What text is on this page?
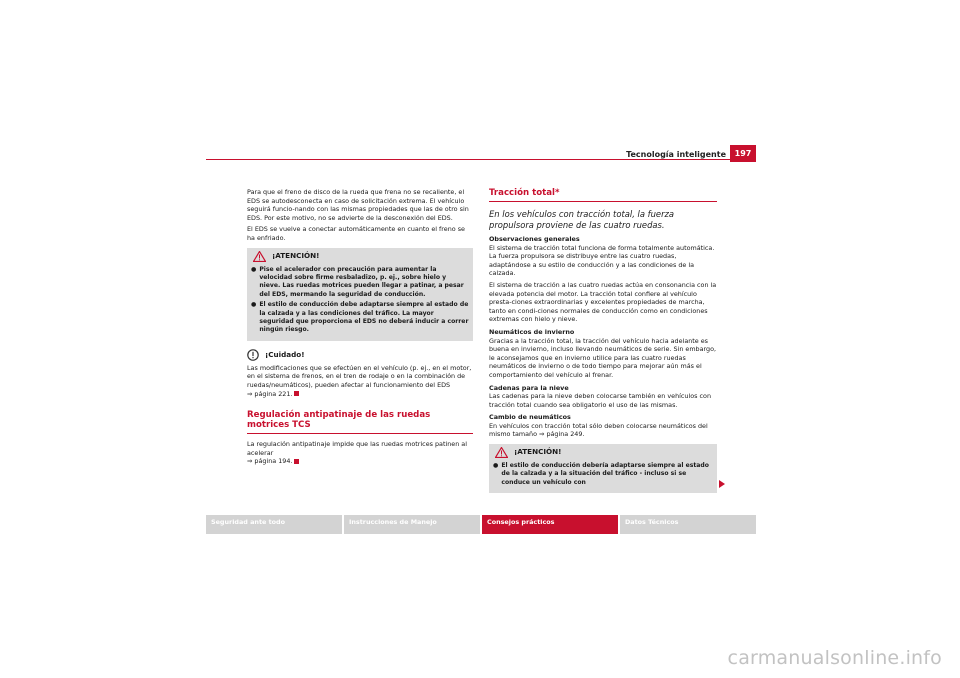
Tecnología inteligente	197

Para que el freno de disco de la rueda que frena no se recaliente, el EDS se autodesconecta en caso de solicitación extrema. El vehículo seguirá funcio-nando con las mismas propiedades que las de otro sin EDS. Por este motivo, no se advierte de la desconexión del EDS.

El EDS se vuelve a conectar automáticamente en cuanto el freno se ha enfriado.

¡ATENCIÓN!
● Pise el acelerador con precaución para aumentar la velocidad sobre firme resbaladizo, p. ej., sobre hielo y nieve. Las ruedas motrices pueden llegar a patinar, a pesar del EDS, mermando la seguridad de conducción.
● El estilo de conducción debe adaptarse siempre al estado de la calzada y a las condiciones del tráfico. La mayor seguridad que proporciona el EDS no deberá inducir a correr ningún riesgo.
¡Cuidado!

Las modificaciones que se efectúen en el vehículo (p. ej., en el motor, en el sistema de frenos, en el tren de rodaje o en la combinación de ruedas/neumáticos), pueden afectar al funcionamiento del EDS
⇒ página 221.

Regulación antipatinaje de las ruedas motrices TCS

La regulación antipatinaje impide que las ruedas motrices patinen al acelerar
⇒ página 194.

Tracción total*
En los vehículos con tracción total, la fuerza propulsora proviene de las cuatro ruedas.
Observaciones generales

El sistema de tracción total funciona de forma totalmente automática. La fuerza propulsora se distribuye entre las cuatro ruedas, adaptándose a su estilo de conducción y a las condiciones de la calzada.

El sistema de tracción a las cuatro ruedas actúa en consonancia con la elevada potencia del motor. La tracción total confiere al vehículo presta-ciones extraordinarias y excelentes propiedades de marcha, tanto en condi-ciones normales de conducción como en condiciones extremas con hielo y nieve.

Neumáticos de invierno

Gracias a la tracción total, la tracción del vehículo hacia adelante es buena en invierno, incluso llevando neumáticos de serie. Sin embargo, le aconsejamos que en invierno utilice para las cuatro ruedas neumáticos de invierno o de todo tiempo para mejorar aún más el comportamiento del vehículo al frenar.

Cadenas para la nieve

Las cadenas para la nieve deben colocarse también en vehículos con tracción total cuando sea obligatorio el uso de las mismas.

Cambio de neumáticos

En vehículos con tracción total sólo deben colocarse neumáticos del mismo tamaño ⇒ página 249.

¡ATENCIÓN!
● El estilo de conducción debería adaptarse siempre al estado de la calzada y a la situación del tráfico - incluso si se conduce un vehículo con
Seguridad ante todo	Instrucciones de Manejo	Consejos prácticos	Datos Técnicos
carmanualsonline.info
